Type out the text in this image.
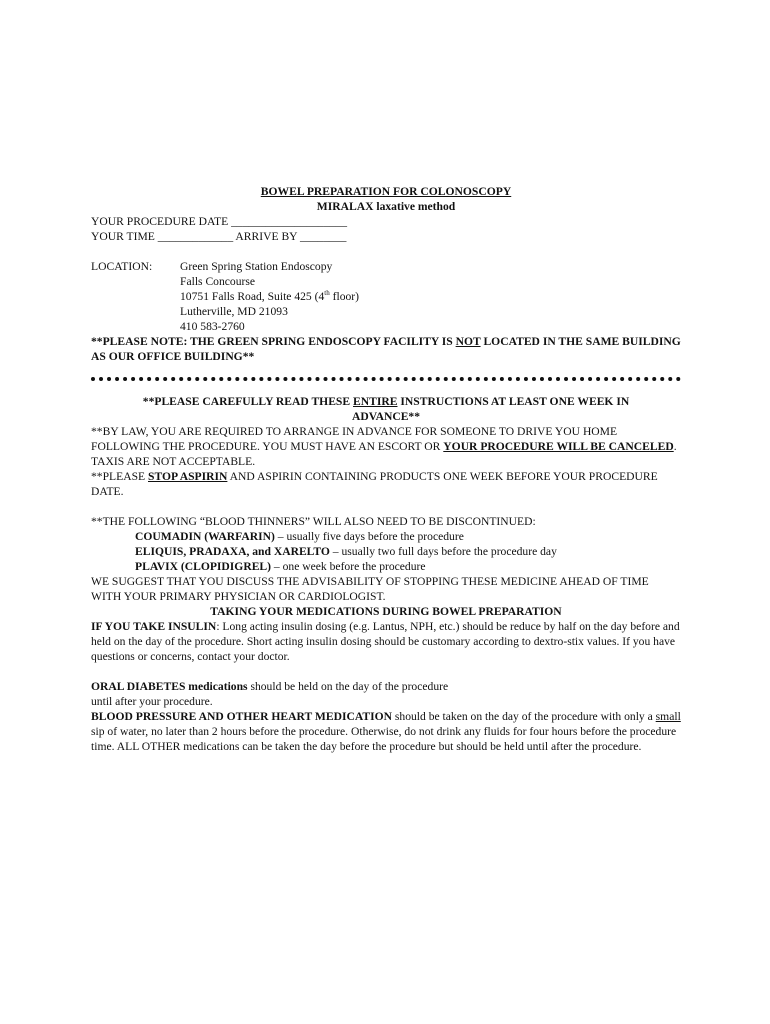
BOWEL PREPARATION FOR COLONOSCOPY
MIRALAX laxative method

YOUR PROCEDURE DATE ____________________

YOUR TIME _____________ ARRIVE BY ________

LOCATION:	Green Spring Station Endoscopy
Falls Concourse
10751 Falls Road, Suite 425 (4th floor)
Lutherville, MD 21093
410 583-2760

**PLEASE NOTE: THE GREEN SPRING ENDOSCOPY FACILITY IS NOT LOCATED IN THE SAME BUILDING AS OUR OFFICE BUILDING**

**PLEASE CAREFULLY READ THESE ENTIRE INSTRUCTIONS AT LEAST ONE WEEK IN ADVANCE**

**BY LAW, YOU ARE REQUIRED TO ARRANGE IN ADVANCE FOR SOMEONE TO DRIVE YOU HOME FOLLOWING THE PROCEDURE. YOU MUST HAVE AN ESCORT OR YOUR PROCEDURE WILL BE CANCELED. TAXIS ARE NOT ACCEPTABLE.

**PLEASE STOP ASPIRIN AND ASPIRIN CONTAINING PRODUCTS ONE WEEK BEFORE YOUR PROCEDURE DATE.

**THE FOLLOWING “BLOOD THINNERS” WILL ALSO NEED TO BE DISCONTINUED:
COUMADIN (WARFARIN) – usually five days before the procedure
ELIQUIS, PRADAXA, and XARELTO – usually two full days before the procedure day
PLAVIX (CLOPIDIGREL) – one week before the procedure
WE SUGGEST THAT YOU DISCUSS THE ADVISABILITY OF STOPPING THESE MEDICINE AHEAD OF TIME WITH YOUR PRIMARY PHYSICIAN OR CARDIOLOGIST.

TAKING YOUR MEDICATIONS DURING BOWEL PREPARATION

IF YOU TAKE INSULIN: Long acting insulin dosing (e.g. Lantus, NPH, etc.) should be reduce by half on the day before and held on the day of the procedure. Short acting insulin dosing should be customary according to dextro-stix values. If you have questions or concerns, contact your doctor.

ORAL DIABETES medications should be held on the day of the procedure
until after your procedure.

BLOOD PRESSURE AND OTHER HEART MEDICATION should be taken on the day of the procedure with only a small sip of water, no later than 2 hours before the procedure. Otherwise, do not drink any fluids for four hours before the procedure time. ALL OTHER medications can be taken the day before the procedure but should be held until after the procedure.
